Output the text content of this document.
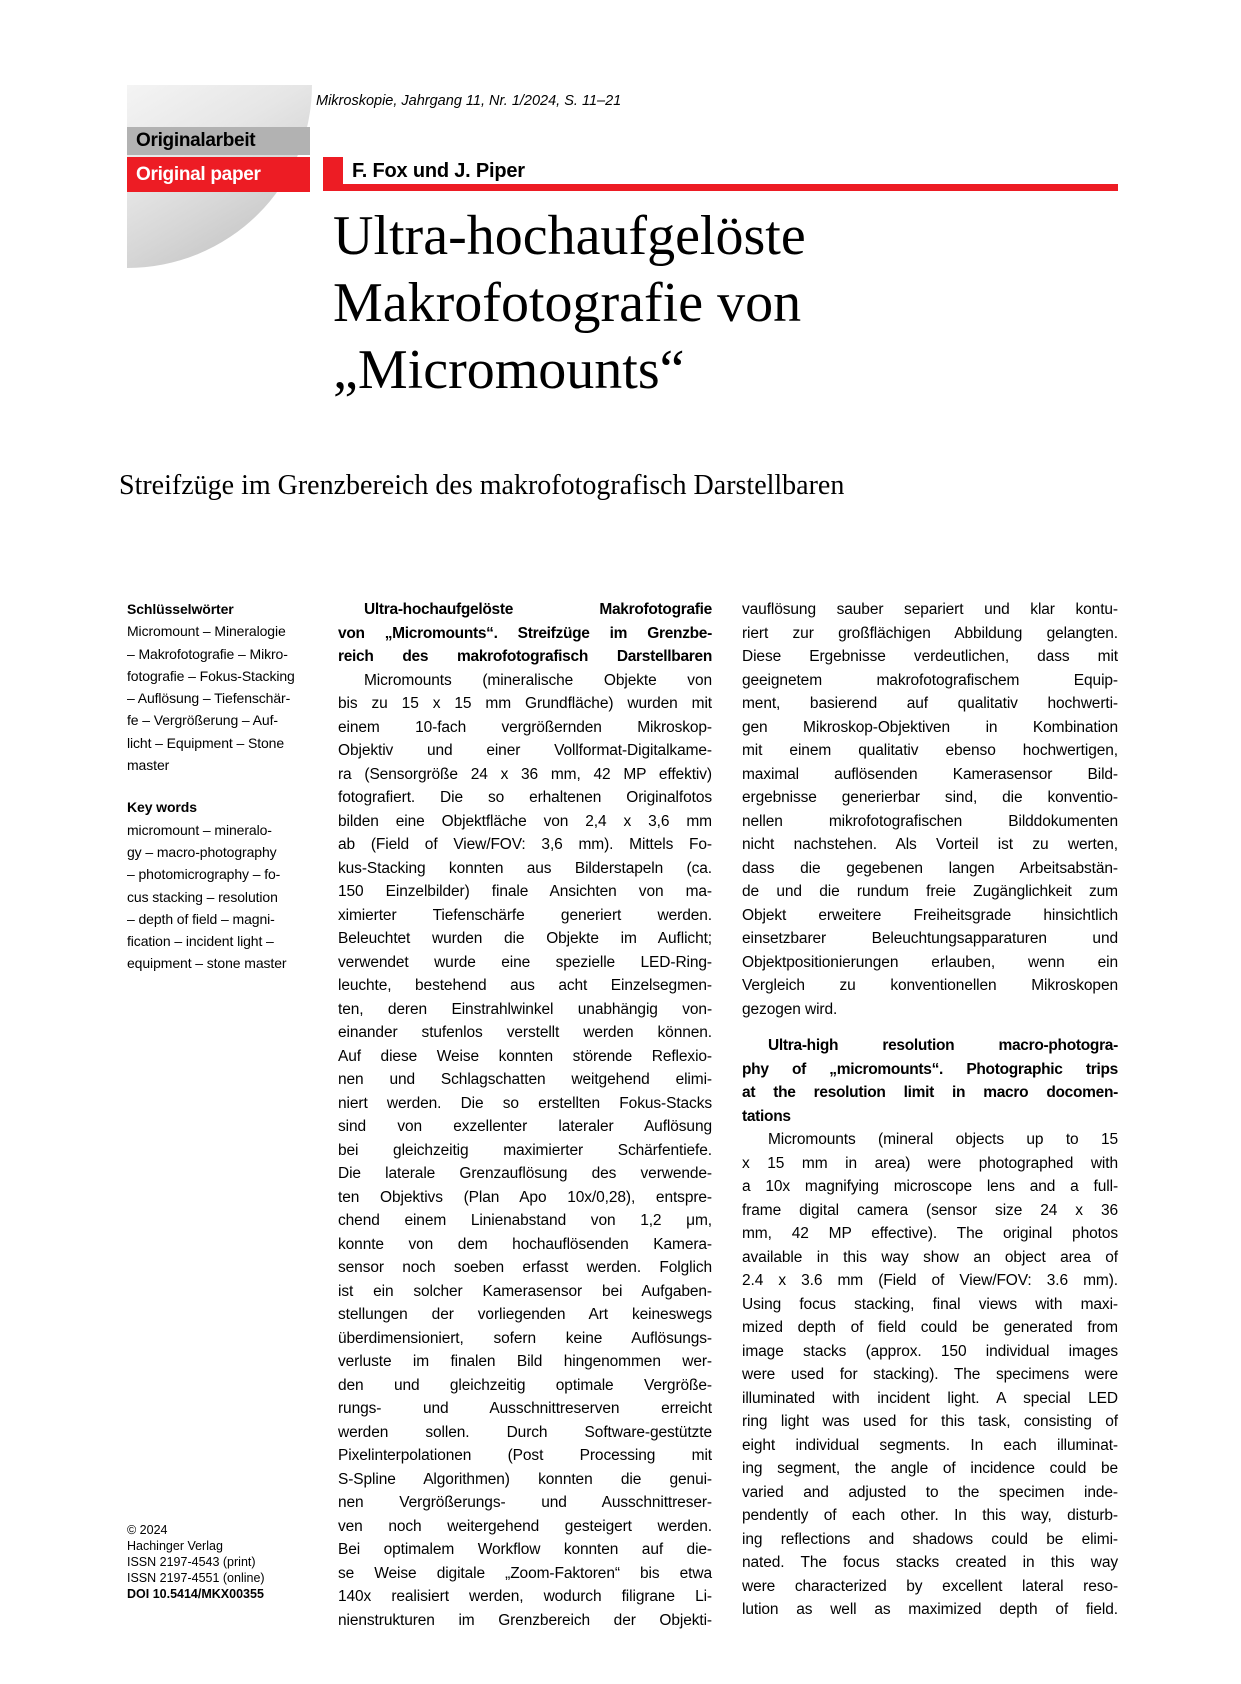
Mikroskopie, Jahrgang 11, Nr. 1/2024, S. 11–21
Originalarbeit
Original paper	F. Fox und J. Piper
Ultra-hochaufgelöste
Makrofotografie von
„Micromounts“
Streifzüge im Grenzbereich des makrofotografisch Darstellbaren
Schlüsselwörter
Micromount – Mineralogie
– Makrofotografie – Mikro-
fotografie – Fokus-Stacking
– Auflösung – Tiefenschär-
fe – Vergrößerung – Auf-
licht – Equipment – Stone
master
Key words
micromount – mineralo-
gy – macro-photography
– photomicrography – fo-
cus stacking – resolution
– depth of field – magni-
fication – incident light –
equipment – stone master
Ultra-hochaufgelöste Makrofotografie
von „Micromounts“. Streifzüge im Grenzbe-
reich des makrofotografisch Darstellbaren
Micromounts (mineralische Objekte von
bis zu 15 x 15 mm Grundfläche) wurden mit
einem 10-fach vergrößernden Mikroskop-
Objektiv und einer Vollformat-Digitalkame-
ra (Sensorgröße 24 x 36 mm, 42 MP effektiv)
fotografiert. Die so erhaltenen Originalfotos
bilden eine Objektfläche von 2,4 x 3,6 mm
ab (Field of View/FOV: 3,6 mm). Mittels Fo-
kus-Stacking konnten aus Bilderstapeln (ca.
150 Einzelbilder) finale Ansichten von ma-
ximierter Tiefenschärfe generiert werden.
Beleuchtet wurden die Objekte im Auflicht;
verwendet wurde eine spezielle LED-Ring-
leuchte, bestehend aus acht Einzelsegmen-
ten, deren Einstrahlwinkel unabhängig von-
einander stufenlos verstellt werden können.
Auf diese Weise konnten störende Reflexio-
nen und Schlagschatten weitgehend elimi-
niert werden. Die so erstellten Fokus-Stacks
sind von exzellenter lateraler Auflösung
bei gleichzeitig maximierter Schärfentiefe.
Die laterale Grenzauflösung des verwende-
ten Objektivs (Plan Apo 10x/0,28), entspre-
chend einem Linienabstand von 1,2 μm,
konnte von dem hochauflösenden Kamera-
sensor noch soeben erfasst werden. Folglich
ist ein solcher Kamerasensor bei Aufgaben-
stellungen der vorliegenden Art keineswegs
überdimensioniert, sofern keine Auflösungs-
verluste im finalen Bild hingenommen wer-
den und gleichzeitig optimale Vergröße-
rungs- und Ausschnittreserven erreicht
werden sollen. Durch Software-gestützte
Pixelinterpolationen (Post Processing mit
S-Spline Algorithmen) konnten die genui-
nen Vergrößerungs- und Ausschnittreser-
ven noch weitergehend gesteigert werden.
Bei optimalem Workflow konnten auf die-
se Weise digitale „Zoom-Faktoren“ bis etwa
140x realisiert werden, wodurch filigrane Li-
nienstrukturen im Grenzbereich der Objekti-
vauflösung sauber separiert und klar kontu-
riert zur großflächigen Abbildung gelangten.
Diese Ergebnisse verdeutlichen, dass mit
geeignetem makrofotografischem Equip-
ment, basierend auf qualitativ hochwerti-
gen Mikroskop-Objektiven in Kombination
mit einem qualitativ ebenso hochwertigen,
maximal auflösenden Kamerasensor Bild-
ergebnisse generierbar sind, die konventio-
nellen mikrofotografischen Bilddokumenten
nicht nachstehen. Als Vorteil ist zu werten,
dass die gegebenen langen Arbeitsabstän-
de und die rundum freie Zugänglichkeit zum
Objekt erweitere Freiheitsgrade hinsichtlich
einsetzbarer Beleuchtungsapparaturen und
Objektpositionierungen erlauben, wenn ein
Vergleich zu konventionellen Mikroskopen
gezogen wird.
Ultra-high resolution macro-photogra-
phy of „micromounts“. Photographic trips
at the resolution limit in macro docomen-
tations
Micromounts (mineral objects up to 15
x 15 mm in area) were photographed with
a 10x magnifying microscope lens and a full-
frame digital camera (sensor size 24 x 36
mm, 42 MP effective). The original photos
available in this way show an object area of
2.4 x 3.6 mm (Field of View/FOV: 3.6 mm).
Using focus stacking, final views with maxi-
mized depth of field could be generated from
image stacks (approx. 150 individual images
were used for stacking). The specimens were
illuminated with incident light. A special LED
ring light was used for this task, consisting of
eight individual segments. In each illuminat-
ing segment, the angle of incidence could be
varied and adjusted to the specimen inde-
pendently of each other. In this way, disturb-
ing reflections and shadows could be elimi-
nated. The focus stacks created in this way
were characterized by excellent lateral reso-
lution as well as maximized depth of field.
© 2024
Hachinger Verlag
ISSN 2197-4543 (print)
ISSN 2197-4551 (online)
DOI 10.5414/MKX00355
